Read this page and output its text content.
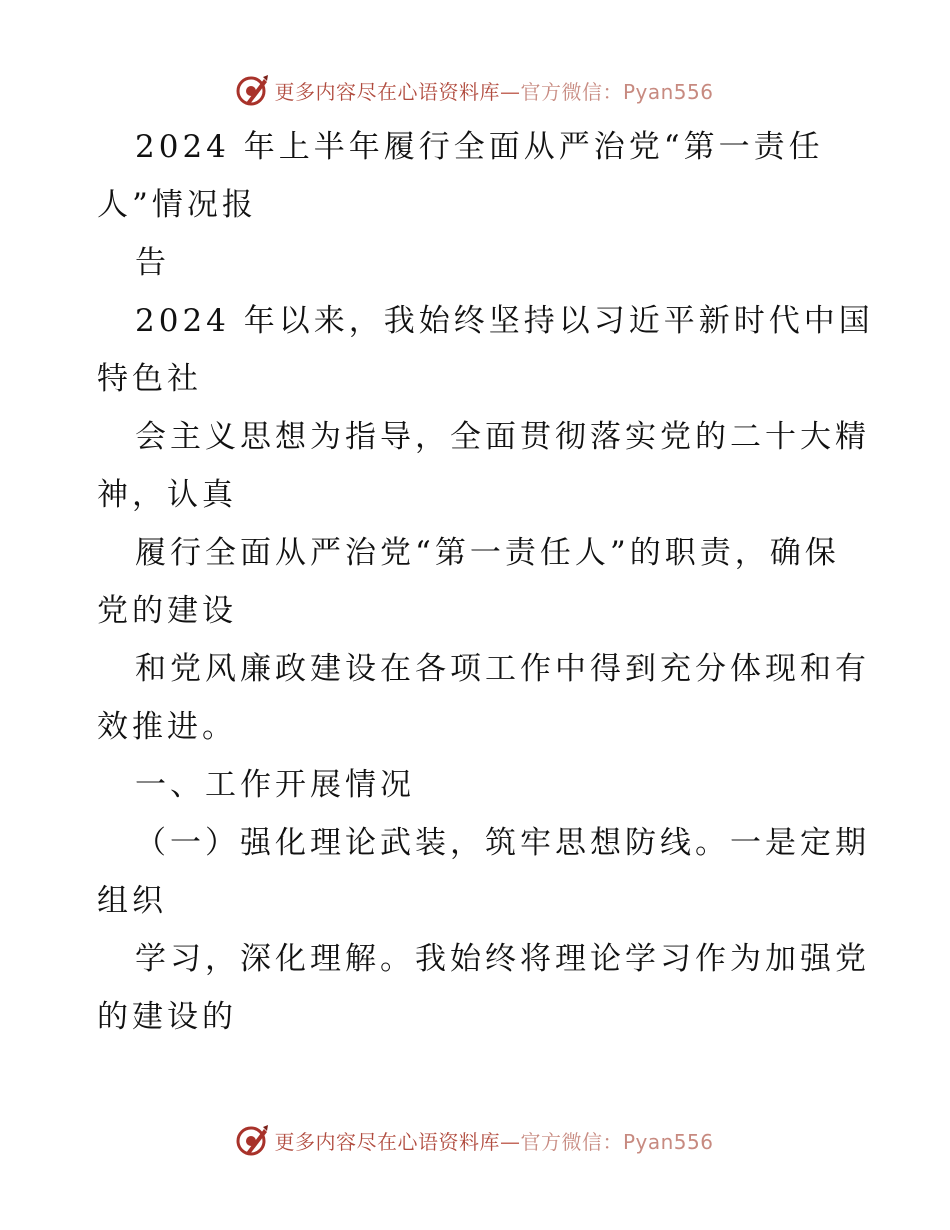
更多内容尽在心语资料库—官方微信：Pyan556
2024 年上半年履行全面从严治党“第一责任
人”情况报
告
2024 年以来，我始终坚持以习近平新时代中国
特色社
会主义思想为指导，全面贯彻落实党的二十大精
神，认真
履行全面从严治党“第一责任人”的职责，确保
党的建设
和党风廉政建设在各项工作中得到充分体现和有
效推进。
一、工作开展情况
（一）强化理论武装，筑牢思想防线。一是定期
组织
学习，深化理解。我始终将理论学习作为加强党
的建设的
更多内容尽在心语资料库—官方微信：Pyan556
